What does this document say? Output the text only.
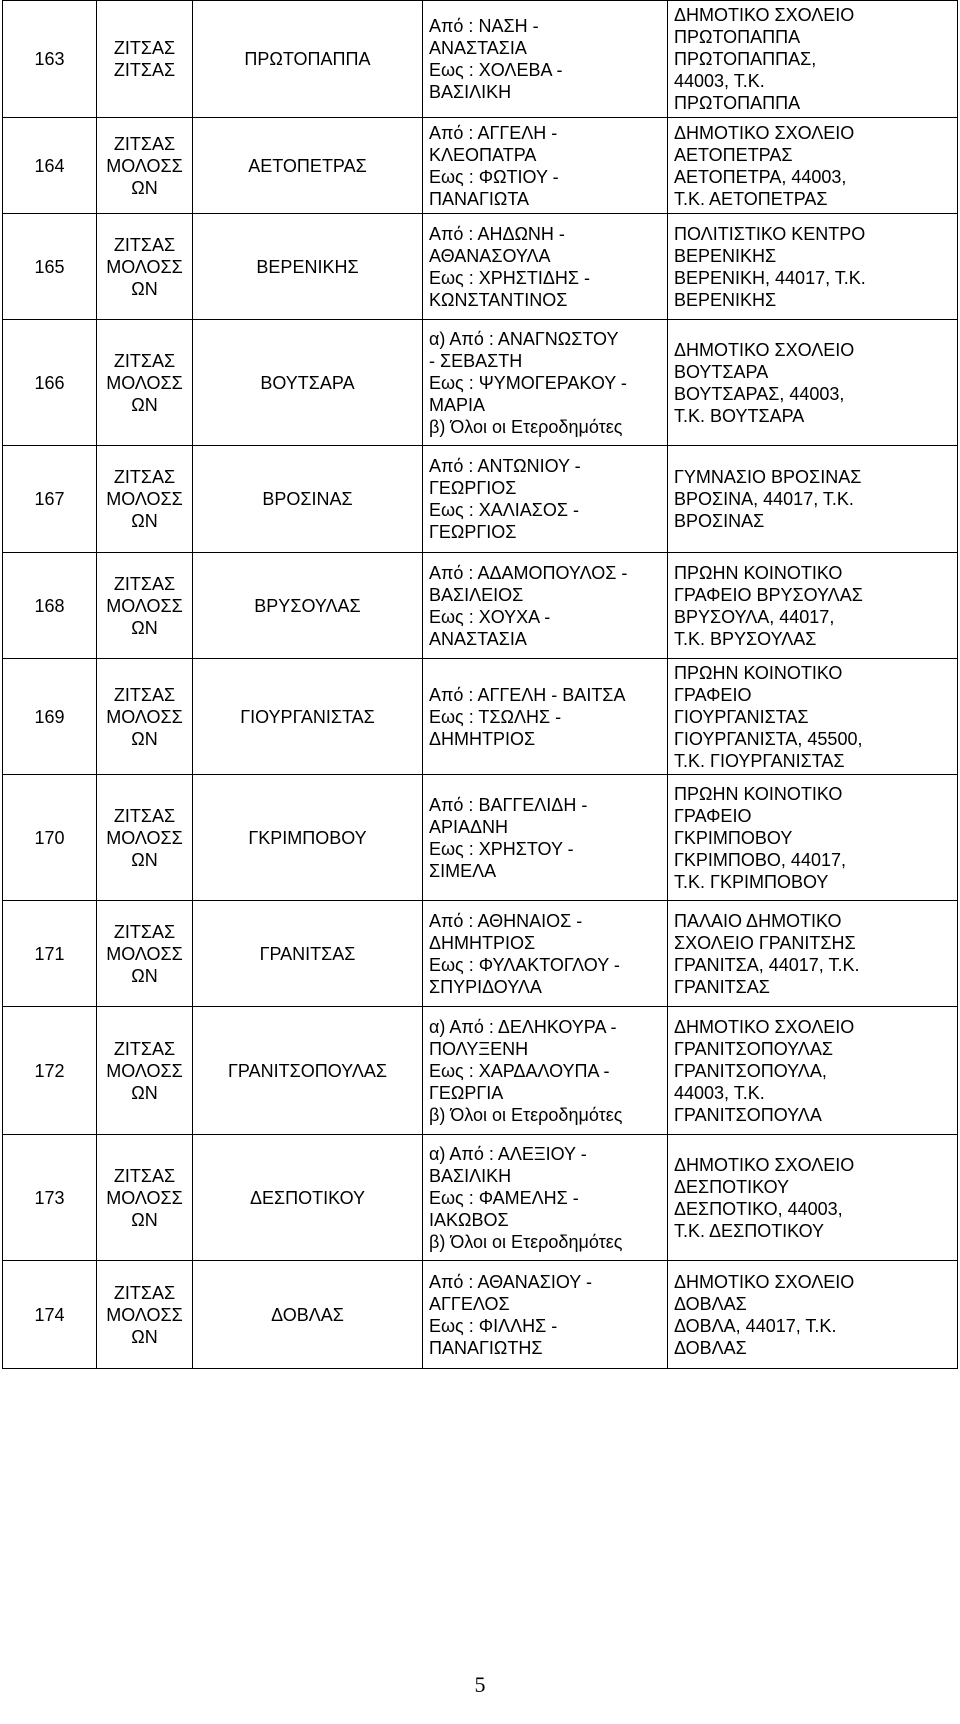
163	ΖΙΤΣΑΣ
ΖΙΤΣΑΣ	ΠΡΩΤΟΠΑΠΠΑ	Από : ΝΑΣΗ -
ΑΝΑΣΤΑΣΙΑ
Εως : ΧΟΛΕΒΑ -
ΒΑΣΙΛΙΚΗ	ΔΗΜΟΤΙΚΟ ΣΧΟΛΕΙΟ
ΠΡΩΤΟΠΑΠΠΑ
ΠΡΩΤΟΠΑΠΠΑΣ,
44003, Τ.Κ.
ΠΡΩΤΟΠΑΠΠΑ
164	ΖΙΤΣΑΣ
ΜΟΛΟΣΣ
ΩΝ	ΑΕΤΟΠΕΤΡΑΣ	Από : ΑΓΓΕΛΗ -
ΚΛΕΟΠΑΤΡΑ
Εως : ΦΩΤΙΟΥ -
ΠΑΝΑΓΙΩΤΑ	ΔΗΜΟΤΙΚΟ ΣΧΟΛΕΙΟ
ΑΕΤΟΠΕΤΡΑΣ
ΑΕΤΟΠΕΤΡΑ, 44003,
Τ.Κ. ΑΕΤΟΠΕΤΡΑΣ
165	ΖΙΤΣΑΣ
ΜΟΛΟΣΣ
ΩΝ	ΒΕΡΕΝΙΚΗΣ	Από : ΑΗΔΩΝΗ -
ΑΘΑΝΑΣΟΥΛΑ
Εως : ΧΡΗΣΤΙΔΗΣ -
ΚΩΝΣΤΑΝΤΙΝΟΣ	ΠΟΛΙΤΙΣΤΙΚΟ ΚΕΝΤΡΟ
ΒΕΡΕΝΙΚΗΣ
ΒΕΡΕΝΙΚΗ, 44017, Τ.Κ.
ΒΕΡΕΝΙΚΗΣ
166	ΖΙΤΣΑΣ
ΜΟΛΟΣΣ
ΩΝ	ΒΟΥΤΣΑΡΑ	α) Από : ΑΝΑΓΝΩΣΤΟΥ
- ΣΕΒΑΣΤΗ
Εως : ΨΥΜΟΓΕΡΑΚΟΥ -
ΜΑΡΙΑ
β) Όλοι οι Ετεροδημότες	ΔΗΜΟΤΙΚΟ ΣΧΟΛΕΙΟ
ΒΟΥΤΣΑΡΑ
ΒΟΥΤΣΑΡΑΣ, 44003,
Τ.Κ. ΒΟΥΤΣΑΡΑ
167	ΖΙΤΣΑΣ
ΜΟΛΟΣΣ
ΩΝ	ΒΡΟΣΙΝΑΣ	Από : ΑΝΤΩΝΙΟΥ -
ΓΕΩΡΓΙΟΣ
Εως : ΧΑΛΙΑΣΟΣ -
ΓΕΩΡΓΙΟΣ	ΓΥΜΝΑΣΙΟ ΒΡΟΣΙΝΑΣ
ΒΡΟΣΙΝΑ, 44017, Τ.Κ.
ΒΡΟΣΙΝΑΣ
168	ΖΙΤΣΑΣ
ΜΟΛΟΣΣ
ΩΝ	ΒΡΥΣΟΥΛΑΣ	Από : ΑΔΑΜΟΠΟΥΛΟΣ -
ΒΑΣΙΛΕΙΟΣ
Εως : ΧΟΥΧΑ -
ΑΝΑΣΤΑΣΙΑ	ΠΡΩΗΝ ΚΟΙΝΟΤΙΚΟ
ΓΡΑΦΕΙΟ ΒΡΥΣΟΥΛΑΣ
ΒΡΥΣΟΥΛΑ, 44017,
Τ.Κ. ΒΡΥΣΟΥΛΑΣ
169	ΖΙΤΣΑΣ
ΜΟΛΟΣΣ
ΩΝ	ΓΙΟΥΡΓΑΝΙΣΤΑΣ	Από : ΑΓΓΕΛΗ - ΒΑΙΤΣΑ
Εως : ΤΣΩΛΗΣ -
ΔΗΜΗΤΡΙΟΣ	ΠΡΩΗΝ ΚΟΙΝΟΤΙΚΟ
ΓΡΑΦΕΙΟ
ΓΙΟΥΡΓΑΝΙΣΤΑΣ
ΓΙΟΥΡΓΑΝΙΣΤΑ, 45500,
Τ.Κ. ΓΙΟΥΡΓΑΝΙΣΤΑΣ
170	ΖΙΤΣΑΣ
ΜΟΛΟΣΣ
ΩΝ	ΓΚΡΙΜΠΟΒΟΥ	Από : ΒΑΓΓΕΛΙΔΗ -
ΑΡΙΑΔΝΗ
Εως : ΧΡΗΣΤΟΥ -
ΣΙΜΕΛΑ	ΠΡΩΗΝ ΚΟΙΝΟΤΙΚΟ
ΓΡΑΦΕΙΟ
ΓΚΡΙΜΠΟΒΟΥ
ΓΚΡΙΜΠΟΒΟ, 44017,
Τ.Κ. ΓΚΡΙΜΠΟΒΟΥ
171	ΖΙΤΣΑΣ
ΜΟΛΟΣΣ
ΩΝ	ΓΡΑΝΙΤΣΑΣ	Από : ΑΘΗΝΑΙΟΣ -
ΔΗΜΗΤΡΙΟΣ
Εως : ΦΥΛΑΚΤΟΓΛΟΥ -
ΣΠΥΡΙΔΟΥΛΑ	ΠΑΛΑΙΟ ΔΗΜΟΤΙΚΟ
ΣΧΟΛΕΙΟ ΓΡΑΝΙΤΣΗΣ
ΓΡΑΝΙΤΣΑ, 44017, Τ.Κ.
ΓΡΑΝΙΤΣΑΣ
172	ΖΙΤΣΑΣ
ΜΟΛΟΣΣ
ΩΝ	ΓΡΑΝΙΤΣΟΠΟΥΛΑΣ	α) Από : ΔΕΛΗΚΟΥΡΑ -
ΠΟΛΥΞΕΝΗ
Εως : ΧΑΡΔΑΛΟΥΠΑ -
ΓΕΩΡΓΙΑ
β) Όλοι οι Ετεροδημότες	ΔΗΜΟΤΙΚΟ ΣΧΟΛΕΙΟ
ΓΡΑΝΙΤΣΟΠΟΥΛΑΣ
ΓΡΑΝΙΤΣΟΠΟΥΛΑ,
44003, Τ.Κ.
ΓΡΑΝΙΤΣΟΠΟΥΛΑ
173	ΖΙΤΣΑΣ
ΜΟΛΟΣΣ
ΩΝ	ΔΕΣΠΟΤΙΚΟΥ	α) Από : ΑΛΕΞΙΟΥ -
ΒΑΣΙΛΙΚΗ
Εως : ΦΑΜΕΛΗΣ -
ΙΑΚΩΒΟΣ
β) Όλοι οι Ετεροδημότες	ΔΗΜΟΤΙΚΟ ΣΧΟΛΕΙΟ
ΔΕΣΠΟΤΙΚΟΥ
ΔΕΣΠΟΤΙΚΟ, 44003,
Τ.Κ. ΔΕΣΠΟΤΙΚΟΥ
174	ΖΙΤΣΑΣ
ΜΟΛΟΣΣ
ΩΝ	ΔΟΒΛΑΣ	Από : ΑΘΑΝΑΣΙΟΥ -
ΑΓΓΕΛΟΣ
Εως : ΦΙΛΛΗΣ -
ΠΑΝΑΓΙΩΤΗΣ	ΔΗΜΟΤΙΚΟ ΣΧΟΛΕΙΟ
ΔΟΒΛΑΣ
ΔΟΒΛΑ, 44017, Τ.Κ.
ΔΟΒΛΑΣ
5
